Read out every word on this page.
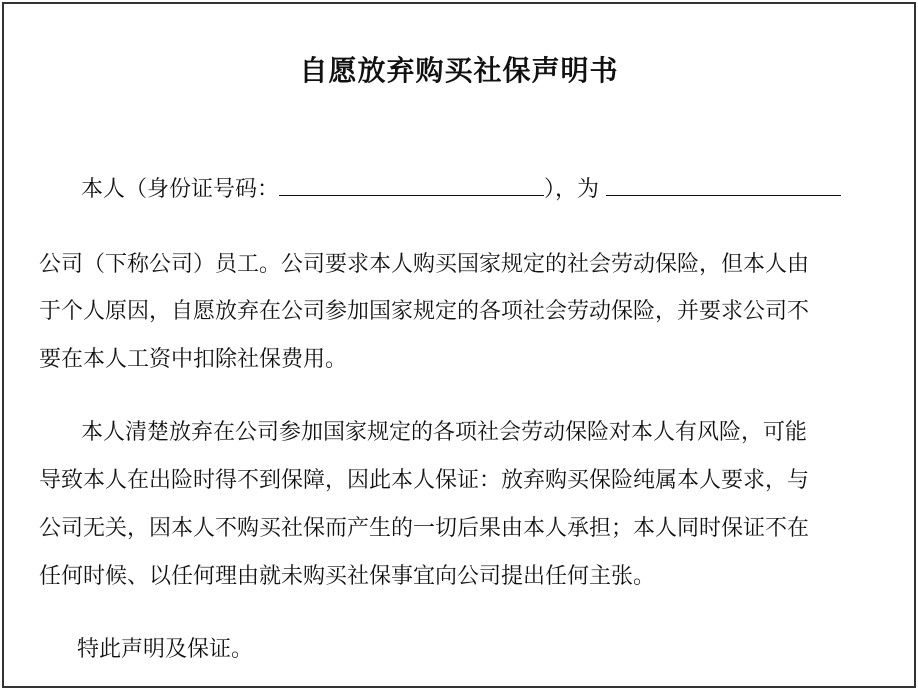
自愿放弃购买社保声明书
本人（身份证号码：	），为
公司（下称公司）员工。公司要求本人购买国家规定的社会劳动保险，但本人由
于个人原因，自愿放弃在公司参加国家规定的各项社会劳动保险，并要求公司不
要在本人工资中扣除社保费用。
本人清楚放弃在公司参加国家规定的各项社会劳动保险对本人有风险，可能
导致本人在出险时得不到保障，因此本人保证：放弃购买保险纯属本人要求，与
公司无关，因本人不购买社保而产生的一切后果由本人承担；本人同时保证不在
任何时候、以任何理由就未购买社保事宜向公司提出任何主张。
特此声明及保证。
